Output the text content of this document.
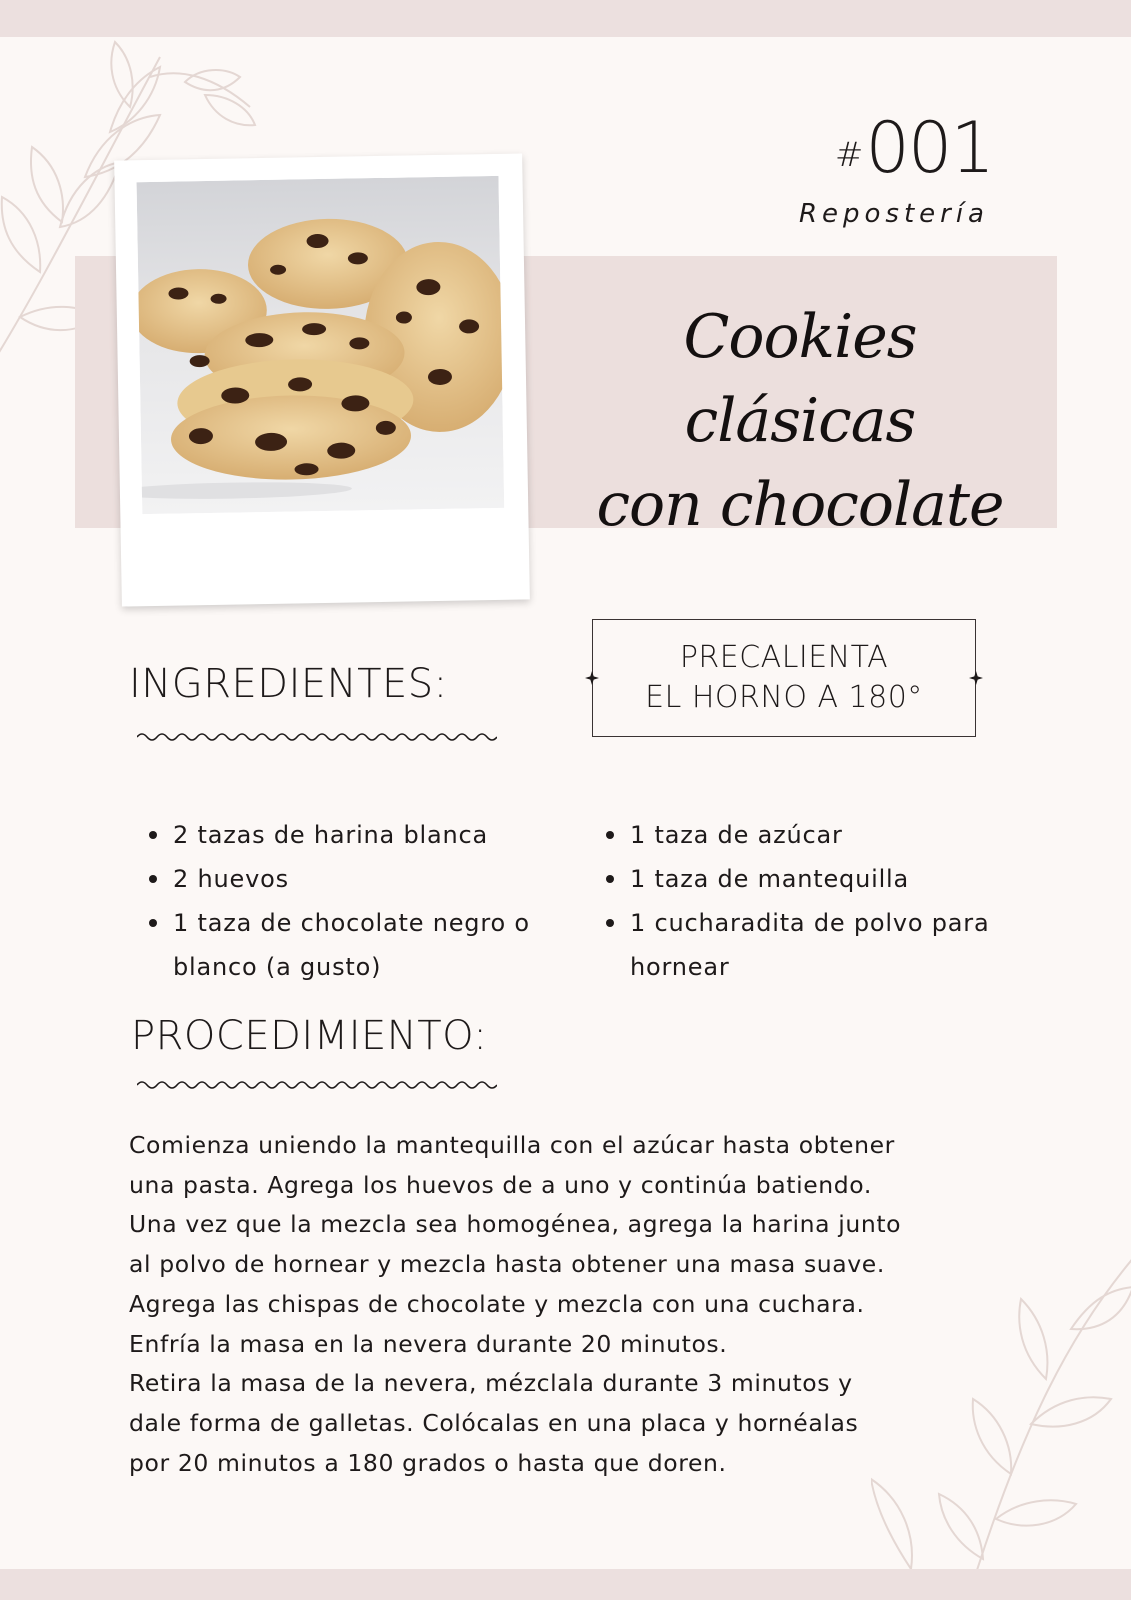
#001
Repostería
Cookies clásicas
con chocolate
PRECALIENTA
EL HORNO A 180°
INGREDIENTES:
2 tazas de harina blanca
2 huevos
1 taza de chocolate negro o blanco (a gusto)
1 taza de azúcar
1 taza de mantequilla
1 cucharadita de polvo para hornear
PROCEDIMIENTO:

Comienza uniendo la mantequilla con el azúcar hasta obtener
una pasta. Agrega los huevos de a uno y continúa batiendo.
Una vez que la mezcla sea homogénea, agrega la harina junto
al polvo de hornear y mezcla hasta obtener una masa suave.
Agrega las chispas de chocolate y mezcla con una cuchara.
Enfría la masa en la nevera durante 20 minutos.
Retira la masa de la nevera, mézclala durante 3 minutos y
dale forma de galletas. Colócalas en una placa y hornéalas
por 20 minutos a 180 grados o hasta que doren.
